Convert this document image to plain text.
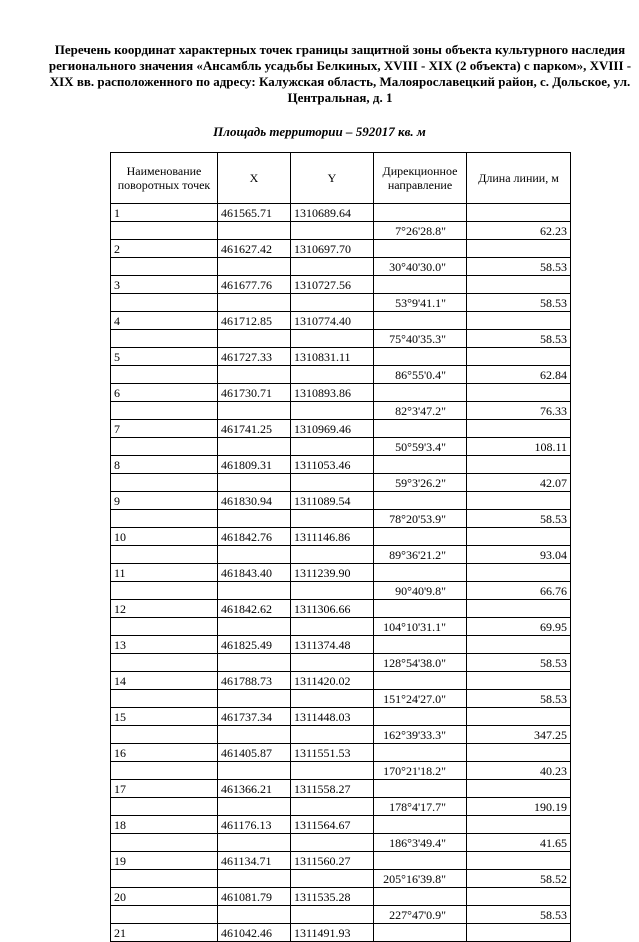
Перечень координат характерных точек границы защитной зоны объекта культурного наследия регионального значения «Ансамбль усадьбы Белкиных, XVIII - XIX (2 объекта) с парком», XVIII - XIX вв. расположенного по адресу: Калужская область, Малоярославецкий район, с. Дольское, ул. Центральная, д. 1
Площадь территории – 592017 кв. м
Наименование поворотных точек	X	Y	Дирекционное направление	Длина линии, м
1	461565.71	1310689.64		
			7°26'28.8"	62.23
2	461627.42	1310697.70		
			30°40'30.0"	58.53
3	461677.76	1310727.56		
			53°9'41.1"	58.53
4	461712.85	1310774.40		
			75°40'35.3"	58.53
5	461727.33	1310831.11		
			86°55'0.4"	62.84
6	461730.71	1310893.86		
			82°3'47.2"	76.33
7	461741.25	1310969.46		
			50°59'3.4"	108.11
8	461809.31	1311053.46		
			59°3'26.2"	42.07
9	461830.94	1311089.54		
			78°20'53.9"	58.53
10	461842.76	1311146.86		
			89°36'21.2"	93.04
11	461843.40	1311239.90		
			90°40'9.8"	66.76
12	461842.62	1311306.66		
			104°10'31.1"	69.95
13	461825.49	1311374.48		
			128°54'38.0"	58.53
14	461788.73	1311420.02		
			151°24'27.0"	58.53
15	461737.34	1311448.03		
			162°39'33.3"	347.25
16	461405.87	1311551.53		
			170°21'18.2"	40.23
17	461366.21	1311558.27		
			178°4'17.7"	190.19
18	461176.13	1311564.67		
			186°3'49.4"	41.65
19	461134.71	1311560.27		
			205°16'39.8"	58.52
20	461081.79	1311535.28		
			227°47'0.9"	58.53
21	461042.46	1311491.93		
